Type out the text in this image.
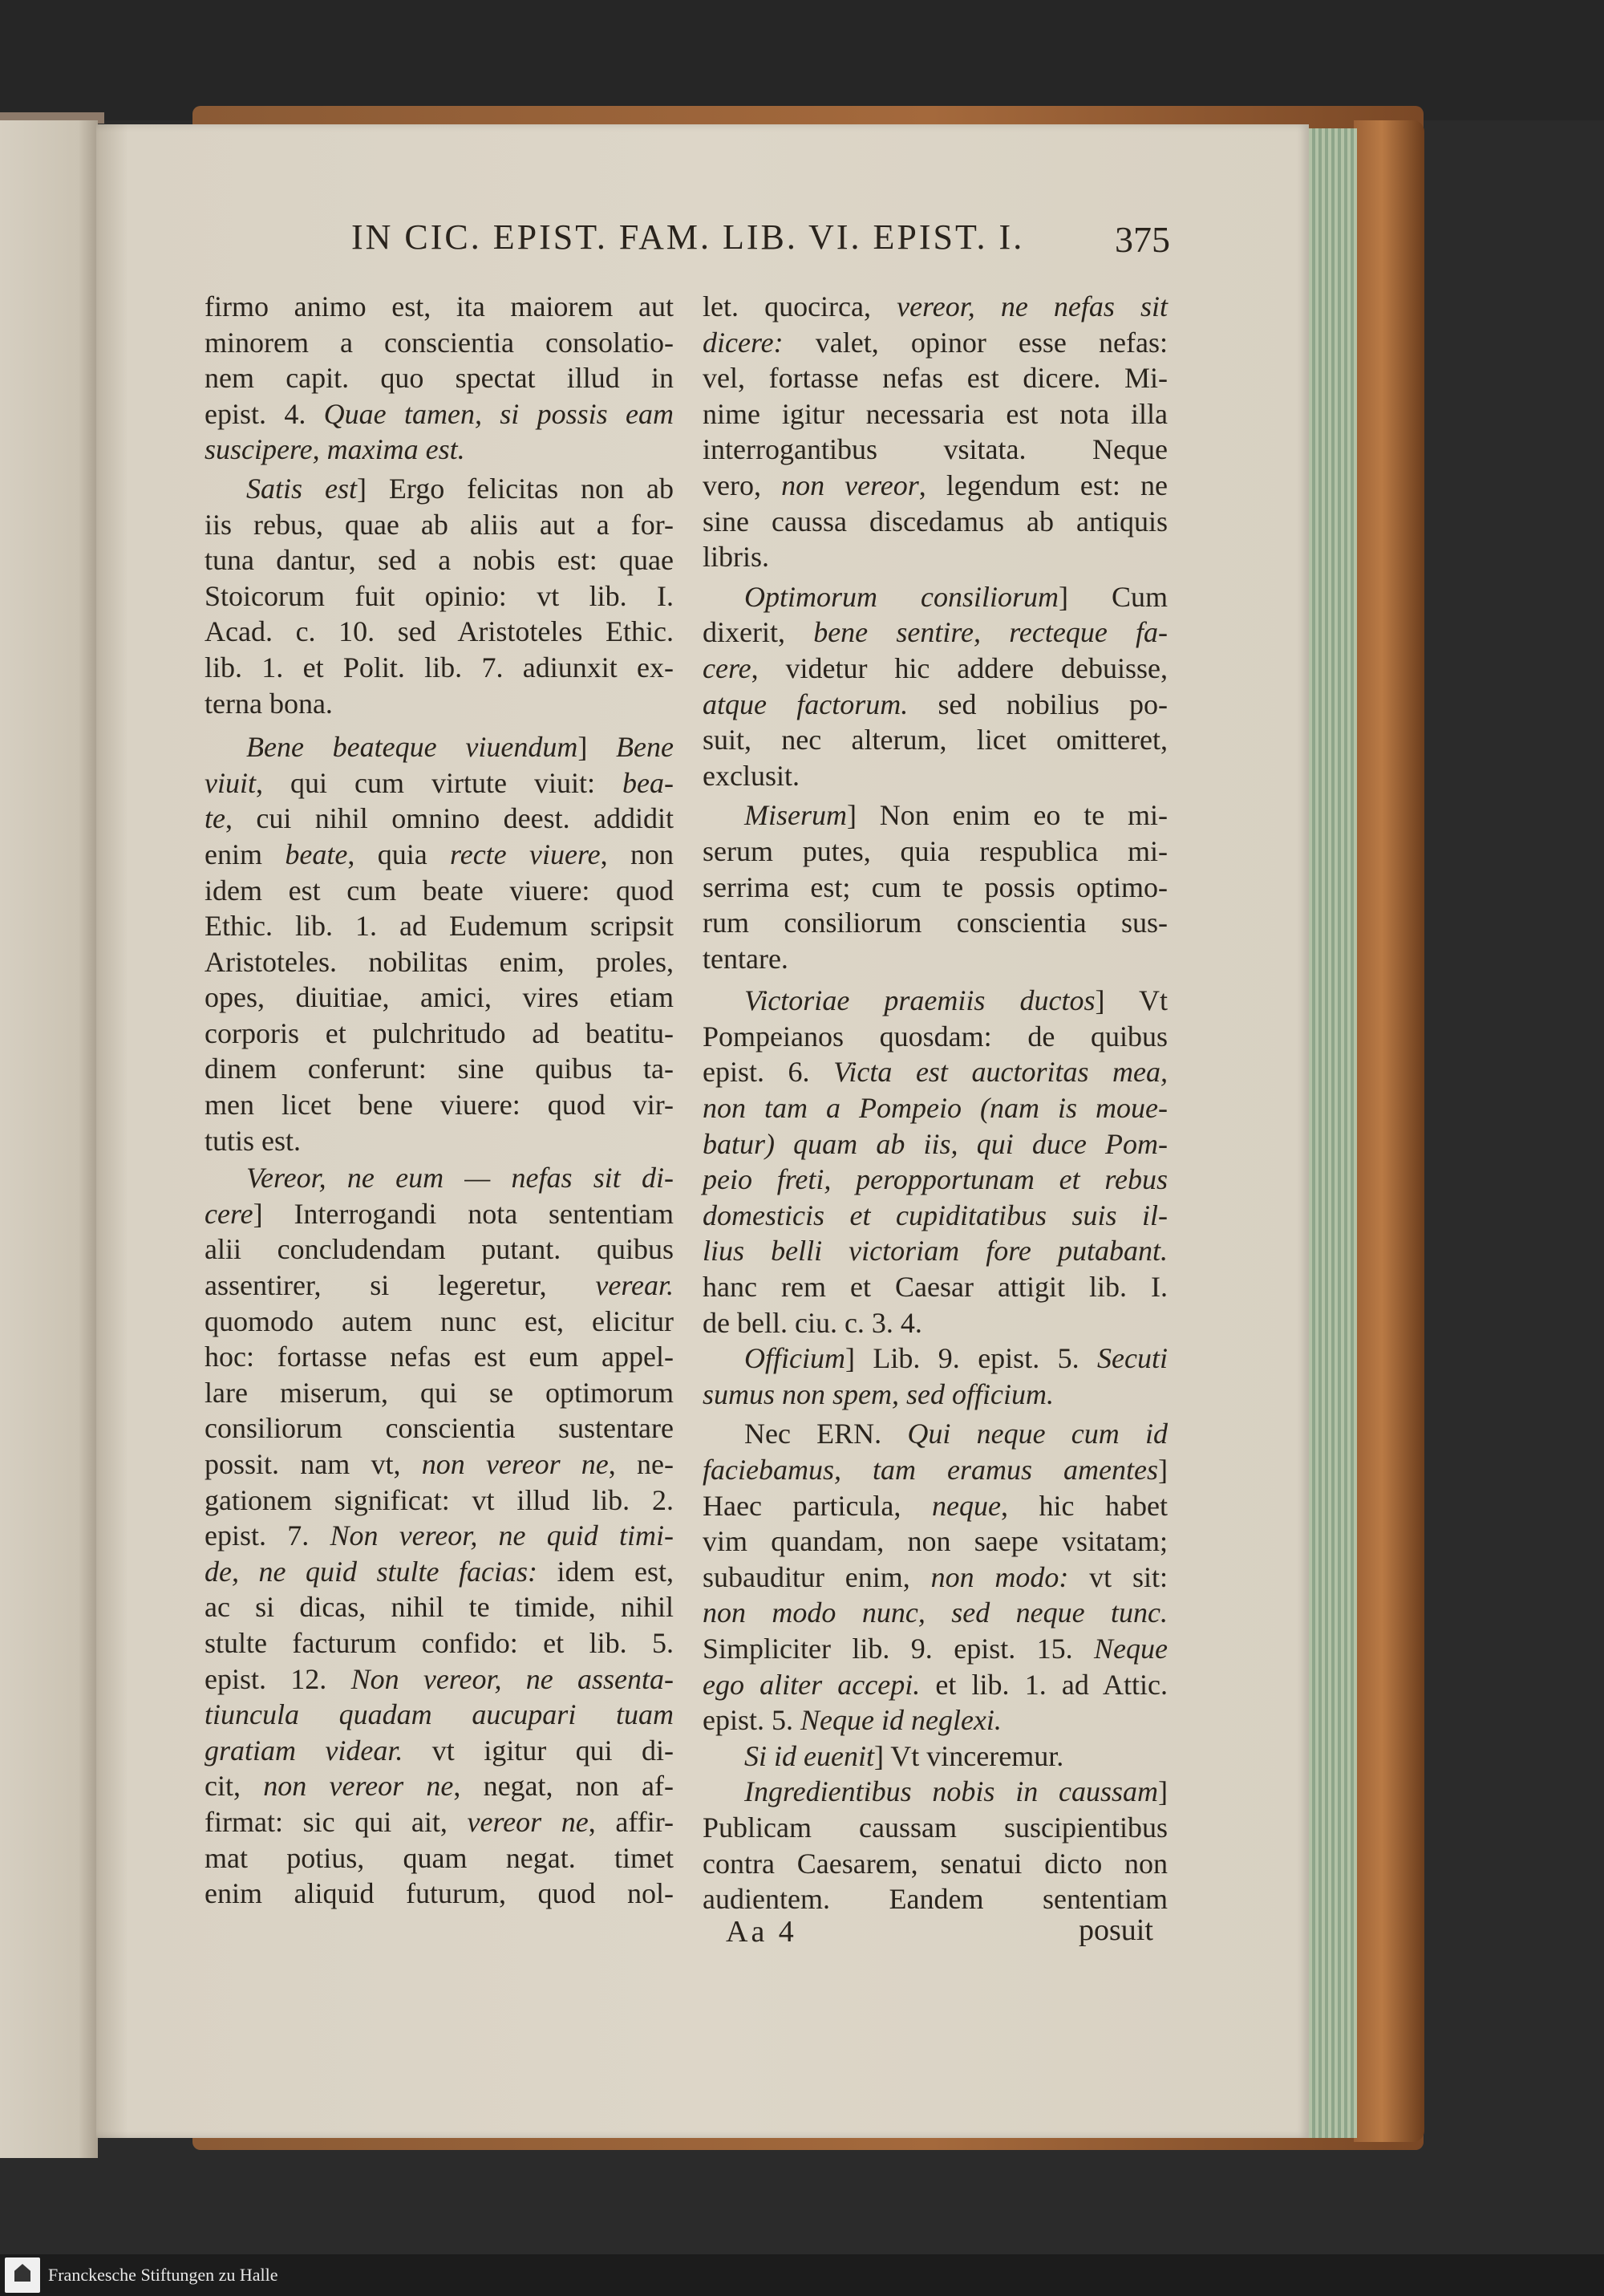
IN CIC. EPIST. FAM. LIB. VI. EPIST. I.	375
firmo animo est, ita maiorem aut
minorem a conscientia consolatio-
nem capit. quo spectat illud in
epist. 4. Quae tamen, si possis eam
suscipere, maxima est.
Satis est] Ergo felicitas non ab
iis rebus, quae ab aliis aut a for-
tuna dantur, sed a nobis est: quae
Stoicorum fuit opinio: vt lib. I.
Acad. c. 10. sed Aristoteles Ethic.
lib. 1. et Polit. lib. 7. adiunxit ex-
terna bona.
Bene beateque viuendum] Bene
viuit, qui cum virtute viuit: bea-
te, cui nihil omnino deest. addidit
enim beate, quia recte viuere, non
idem est cum beate viuere: quod
Ethic. lib. 1. ad Eudemum scripsit
Aristoteles. nobilitas enim, proles,
opes, diuitiae, amici, vires etiam
corporis et pulchritudo ad beatitu-
dinem conferunt: sine quibus ta-
men licet bene viuere: quod vir-
tutis est.
Vereor, ne eum — nefas sit di-
cere] Interrogandi nota sententiam
alii concludendam putant. quibus
assentirer, si legeretur, verear.
quomodo autem nunc est, elicitur
hoc: fortasse nefas est eum appel-
lare miserum, qui se optimorum
consiliorum conscientia sustentare
possit. nam vt, non vereor ne, ne-
gationem significat: vt illud lib. 2.
epist. 7. Non vereor, ne quid timi-
de, ne quid stulte facias: idem est,
ac si dicas, nihil te timide, nihil
stulte facturum confido: et lib. 5.
epist. 12. Non vereor, ne assenta-
tiuncula quadam aucupari tuam
gratiam videar. vt igitur qui di-
cit, non vereor ne, negat, non af-
firmat: sic qui ait, vereor ne, affir-
mat potius, quam negat. timet
enim aliquid futurum, quod nol-
let. quocirca, vereor, ne nefas sit
dicere: valet, opinor esse nefas:
vel, fortasse nefas est dicere. Mi-
nime igitur necessaria est nota illa
interrogantibus vsitata. Neque
vero, non vereor, legendum est: ne
sine caussa discedamus ab antiquis
libris.
Optimorum consiliorum] Cum
dixerit, bene sentire, recteque fa-
cere, videtur hic addere debuisse,
atque factorum. sed nobilius po-
suit, nec alterum, licet omitteret,
exclusit.
Miserum] Non enim eo te mi-
serum putes, quia respublica mi-
serrima est; cum te possis optimo-
rum consiliorum conscientia sus-
tentare.
Victoriae praemiis ductos] Vt
Pompeianos quosdam: de quibus
epist. 6. Victa est auctoritas mea,
non tam a Pompeio (nam is moue-
batur) quam ab iis, qui duce Pom-
peio freti, peropportunam et rebus
domesticis et cupiditatibus suis il-
lius belli victoriam fore putabant.
hanc rem et Caesar attigit lib. I.
de bell. ciu. c. 3. 4.
Officium] Lib. 9. epist. 5. Secuti
sumus non spem, sed officium.
Nec ERN. Qui neque cum id
faciebamus, tam eramus amentes]
Haec particula, neque, hic habet
vim quandam, non saepe vsitatam;
subauditur enim, non modo: vt sit:
non modo nunc, sed neque tunc.
Simpliciter lib. 9. epist. 15. Neque
ego aliter accepi. et lib. 1. ad Attic.
epist. 5. Neque id neglexi.
Si id euenit] Vt vinceremur.
Ingredientibus nobis in caussam]
Publicam caussam suscipientibus
contra Caesarem, senatui dicto non
audientem. Eandem sententiam
Aa 4	posuit
Franckesche Stiftungen zu Halle
